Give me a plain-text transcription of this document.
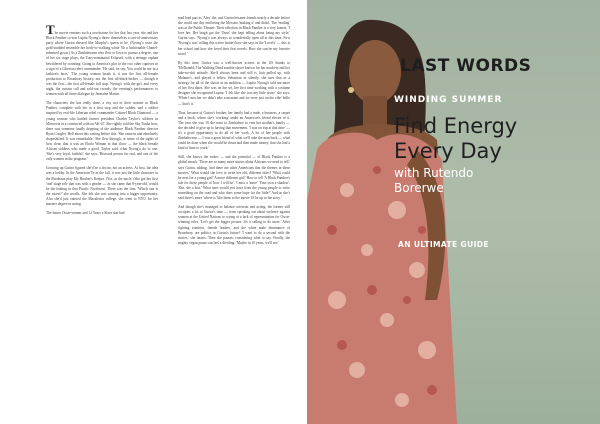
The movie remains such a touchstone for her that last year, she and her Black Panther co-star Lupita Nyong'o threw themselves a sort-of-anniversary party where Gurira dressed like Murphy's queen to be. (Nyong'o wore the gold-studded ensemble her body-to-walking white 7th a fashionable Chanel-inherited gown.) As a Zimbabwean who flew to Iowa to pursue a degree, one of her six stage plays, the Tony-nominated Eclipsed, with a teenage orphan bewildered by counting: Going to America's plot to the two other captives in a sign of a Liberian rebel commander. 'He said, he say, You could be me in a fashion's facts.' 'The young woman heads it, it was the first all-female production to Broadway history, not the first all-black-bodies — though it was the first—the first all-female full stop. Nyong'o with the girl, and every night, the curtain call and sold-out crowds, the evening's performances to women with all these dialogue by Jermaine Martin.

The characters she has really done, a city not of their women in Black Panther, complete with her in a first stop and the soldier, and a soldier inspired by real-life Liberian rebel commander Colonel Black Diamond — a young woman who battled former president Charles Taylor's soldiers in Monrovia in a convinced with an AK-47. She rightly told the Sky Tonka how, there was someone loudly dripping of the audience Black Panther director Ryan Coogler, Hell about this casting before this. 'She came in and absolutely shapeshifted. It was remarkable.' She flew through, or some of the rights of how clear, that it was an Ebola Woman in that show — the black female African soldiers who made a good, Taylor said, what Nyong'o do to one. 'She's very loyal, faithful,' she says, 'Bisexual person for real, and one of the only women in the program.'

Growing up Gurira figured she'd be a doctor, not an actress. At first, the idea was a hobby. In the American Ye in the fall, it was just the little character in the Bordeaux play My Brother's Keeper. (Yes, as the uncle.) She got her first 'real' stage role that was with a gender — as she came that 8-year-old, would be the leading in that Pacific Northwest. There was the first: 'Which one is the nicest?' she recalls. She felt she was coming into a bigger opportunity. Also she'd just entered the Macalester college, she went to NYU for her masters degree in acting.

The future Oscar-winner and 12 Years a Slave star had

read lead part as 'Alex' the, and Gurira became friends nearly a decade before she could one day end being the Mercato 'making it' and didn't. The 'reading' was at the Public Theater: Their affection in Black Panther is a very honest, 'I love her. Her laugh got the 'Ouns' she kept telling about being my style,' Gurira says. 'Nyong'o was always so wonderfully open all at this time. First 'Nyong'o was' telling this writer (mine) how she says in the 'Lovely' — this is her school and how she loved their first novels. How she can be my favorite novel.'

By this time, Gurira was a well-known actress in the US thanks to 'McDonald, The Walking Dead zombie slayer known for her machete and her take-no-shit attitude. She'd always been and still is, hair pulled up, with Melanie's, and played a fellow Sebastian in silently, she uses that as a strategy for all of the shoots at an audition — Lupita Nyong'o told me more of her first dates. She was on the set, her first time working with a costume designer she recognized Lupita. 'I felt like she was my little sister,' she says. 'When I met her we didn't take a moment and we were just on the vibe' hello — that's it.'

Thus, because of Gurira's brother, her family had a trade, a business, a carpet and a book, where she's 'working' under an American's friend eleven of it. The year she was 18 she went to Zimbabwe to visit her mother's family — she decided to give up to having that movement. 'I was on trip at that time' — it's a good opportunity to do all of her work. A lot of her people with Zimbabwean — I was a great friend of what we'll take the man back — what could be done when she would be down and then made money, that she had a kind of time to work.'

Still, she knows the stakes — and the potential — of Black Panther is a global smash. 'There are so many more stories about Africans we need to tell,' says Gurira, adding, 'and there are other Americans that the themes in these movies.' What would she love to write her old, different titles? 'What could be next for a young girl? A more different girl? How to tell 'A Black Panther's tale for these people of 'how I will be', 'I miss a 'more' 'Your own a shadow', 'She, she a kiss.' What ones would you have from the young people to write something on the road and who does some hope for the little?' And as she's said there's more 'where is' like them to the movie I'd be up to the story.'

And though she's managed to balance activism and acting, the former still occupies a lot of Gurira's time — from speaking out about violence against women at the United Nations to crying at a lack of representation for Oscar-winning roles, 'Let's get the bigger picture. It's a calling to do more.' After fighting zombies, female leaders, and the white male dominance of Broadway, are politics in Gurira's future? 'I want to do a second with the stories,' she insists. Then she pauses, considering what to say. Finally, the mighty vegan pause can feel a dividing: 'Maybe in 10 years, we'll see.'

LAST WORDS
WINDING SUMMER
Find Energy
Every Day
with Rutendo
Borerwe
AN ULTIMATE GUIDE
